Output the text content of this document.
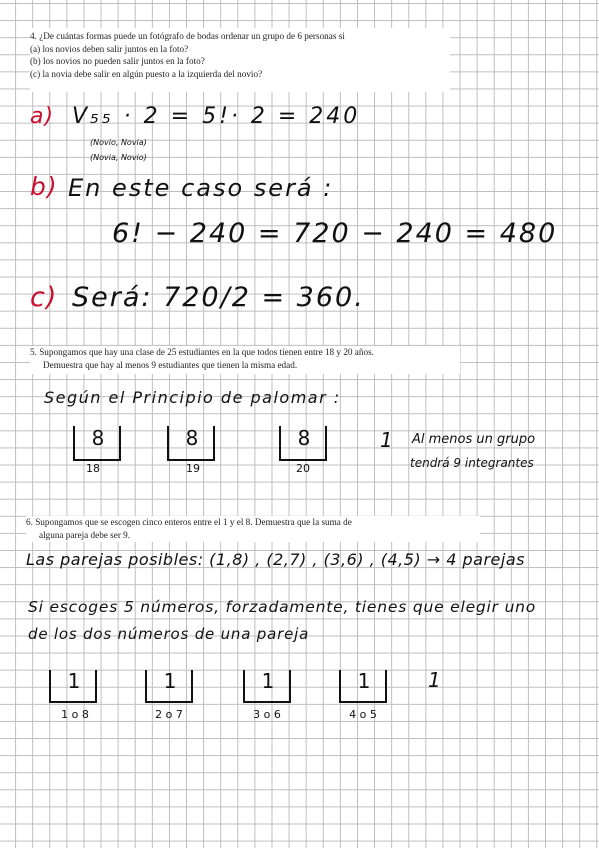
4. ¿De cuántas formas puede un fotógrafo de bodas ordenar un grupo de 6 personas si

(a) los novios deben salir juntos en la foto?

(b) los novios no pueden salir juntos en la foto?

(c) la novia debe salir en algún puesto a la izquierda del novio?

a) V₅₅ · 2 = 5!· 2 = 240
(Novio, Novia)
(Novia, Novio)
b) En este caso será :
6! − 240 = 720 − 240 = 480
c) Será: 720/2 = 360.

5. Supongamos que hay una clase de 25 estudiantes en la que todos tienen entre 18 y 20 años.

Demuestra que hay al menos 9 estudiantes que tienen la misma edad.

Según el Principio de palomar :
8
18
8
19
8
20
1 Al menos un grupo
tendrá 9 integrantes

6. Supongamos que se escogen cinco enteros entre el 1 y el 8. Demuestra que la suma de

alguna pareja debe ser 9.

Las parejas posibles: (1,8) , (2,7) , (3,6) , (4,5) → 4 parejas
Si escoges 5 números, forzadamente, tienes que elegir uno
de los dos números de una pareja
1
1 o 8
1
2 o 7
1
3 o 6
1
4 o 5
1
